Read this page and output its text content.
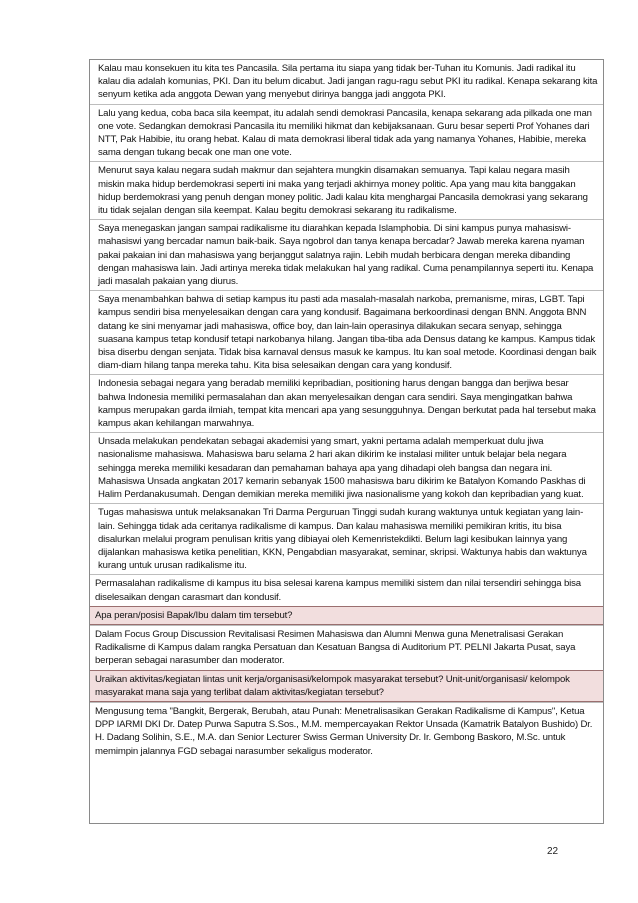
Kalau mau konsekuen itu kita tes Pancasila. Sila pertama itu siapa yang tidak ber-Tuhan itu Komunis. Jadi radikal itu kalau dia adalah komunias, PKI. Dan itu belum dicabut. Jadi jangan ragu-ragu sebut PKI itu radikal. Kenapa sekarang kita senyum ketika ada anggota Dewan yang menyebut dirinya bangga jadi anggota PKI.
Lalu yang kedua, coba baca sila keempat, itu adalah sendi demokrasi Pancasila, kenapa sekarang ada pilkada one man one vote. Sedangkan demokrasi Pancasila itu memiliki hikmat dan kebijaksanaan. Guru besar seperti Prof Yohanes dari NTT, Pak Habibie, itu orang hebat. Kalau di mata demokrasi liberal tidak ada yang namanya Yohanes, Habibie, mereka sama dengan tukang becak one man one vote.
Menurut saya kalau negara sudah makmur dan sejahtera mungkin disamakan semuanya. Tapi kalau negara masih miskin maka hidup berdemokrasi seperti ini maka yang terjadi akhirnya money politic. Apa yang mau kita banggakan hidup berdemokrasi yang penuh dengan money politic. Jadi kalau kita menghargai Pancasila demokrasi yang sekarang itu tidak sejalan dengan sila keempat. Kalau begitu demokrasi sekarang itu radikalisme.
Saya menegaskan jangan sampai radikalisme itu diarahkan kepada Islamphobia. Di sini kampus punya mahasiswi-mahasiswi yang bercadar namun baik-baik. Saya ngobrol dan tanya kenapa bercadar? Jawab mereka karena nyaman pakai pakaian ini dan mahasiswa yang berjanggut salatnya rajin. Lebih mudah berbicara dengan mereka dibanding dengan mahasiswa lain. Jadi artinya mereka tidak melakukan hal yang radikal. Cuma penampilannya seperti itu. Kenapa jadi masalah pakaian yang diurus.
Saya menambahkan bahwa di setiap kampus itu pasti ada masalah-masalah narkoba, premanisme, miras, LGBT. Tapi kampus sendiri bisa menyelesaikan dengan cara yang kondusif. Bagaimana berkoordinasi dengan BNN. Anggota BNN datang ke sini menyamar jadi mahasiswa, office boy, dan lain-lain operasinya dilakukan secara senyap, sehingga suasana kampus tetap kondusif tetapi narkobanya hilang. Jangan tiba-tiba ada Densus datang ke kampus. Kampus tidak bisa diserbu dengan senjata. Tidak bisa karnaval densus masuk ke kampus. Itu kan soal metode. Koordinasi dengan baik diam-diam hilang tanpa mereka tahu. Kita bisa selesaikan dengan cara yang kondusif.
Indonesia sebagai negara yang beradab memiliki kepribadian, positioning harus dengan bangga dan berjiwa besar bahwa Indonesia memiliki permasalahan dan akan menyelesaikan dengan cara sendiri. Saya mengingatkan bahwa kampus merupakan garda ilmiah, tempat kita mencari apa yang sesungguhnya. Dengan berkutat pada hal tersebut maka kampus akan kehilangan marwahnya.
Unsada melakukan pendekatan sebagai akademisi yang smart, yakni pertama adalah memperkuat dulu jiwa nasionalisme mahasiswa. Mahasiswa baru selama 2 hari akan dikirim ke instalasi militer untuk belajar bela negara sehingga mereka memiliki kesadaran dan pemahaman bahaya apa yang dihadapi oleh bangsa dan negara ini. Mahasiswa Unsada angkatan 2017 kemarin sebanyak 1500 mahasiswa baru dikirim ke Batalyon Komando Paskhas di Halim Perdanakusumah. Dengan demikian mereka memiliki jiwa nasionalisme yang kokoh dan kepribadian yang kuat.
Tugas mahasiswa untuk melaksanakan Tri Darma Perguruan Tinggi sudah kurang waktunya untuk kegiatan yang lain-lain. Sehingga tidak ada ceritanya radikalisme di kampus. Dan kalau mahasiswa memiliki pemikiran kritis, itu bisa disalurkan melalui program penulisan kritis yang dibiayai oleh Kemenristekdikti. Belum lagi kesibukan lainnya yang dijalankan mahasiswa ketika penelitian, KKN, Pengabdian masyarakat, seminar, skripsi. Waktunya habis dan waktunya kurang untuk urusan radikalisme itu.
Permasalahan radikalisme di kampus itu bisa selesai karena kampus memiliki sistem dan nilai tersendiri sehingga bisa diselesaikan dengan carasmart dan kondusif.
Apa peran/posisi Bapak/Ibu dalam tim tersebut?
Dalam Focus Group Discussion Revitalisasi Resimen Mahasiswa dan Alumni Menwa guna Menetralisasi Gerakan Radikalisme di Kampus dalam rangka Persatuan dan Kesatuan Bangsa di Auditorium PT. PELNI Jakarta Pusat, saya berperan sebagai narasumber dan moderator.
Uraikan aktivitas/kegiatan lintas unit kerja/organisasi/kelompok masyarakat tersebut? Unit-unit/organisasi/ kelompok masyarakat mana saja yang terlibat dalam aktivitas/kegiatan tersebut?
Mengusung tema "Bangkit, Bergerak, Berubah, atau Punah: Menetralisasikan Gerakan Radikalisme di Kampus", Ketua DPP IARMI DKI Dr. Datep Purwa Saputra S.Sos., M.M. mempercayakan Rektor Unsada (Kamatrik Batalyon Bushido) Dr. H. Dadang Solihin, S.E., M.A. dan Senior Lecturer Swiss German University Dr. Ir. Gembong Baskoro, M.Sc. untuk memimpin jalannya FGD sebagai narasumber sekaligus moderator.
22
